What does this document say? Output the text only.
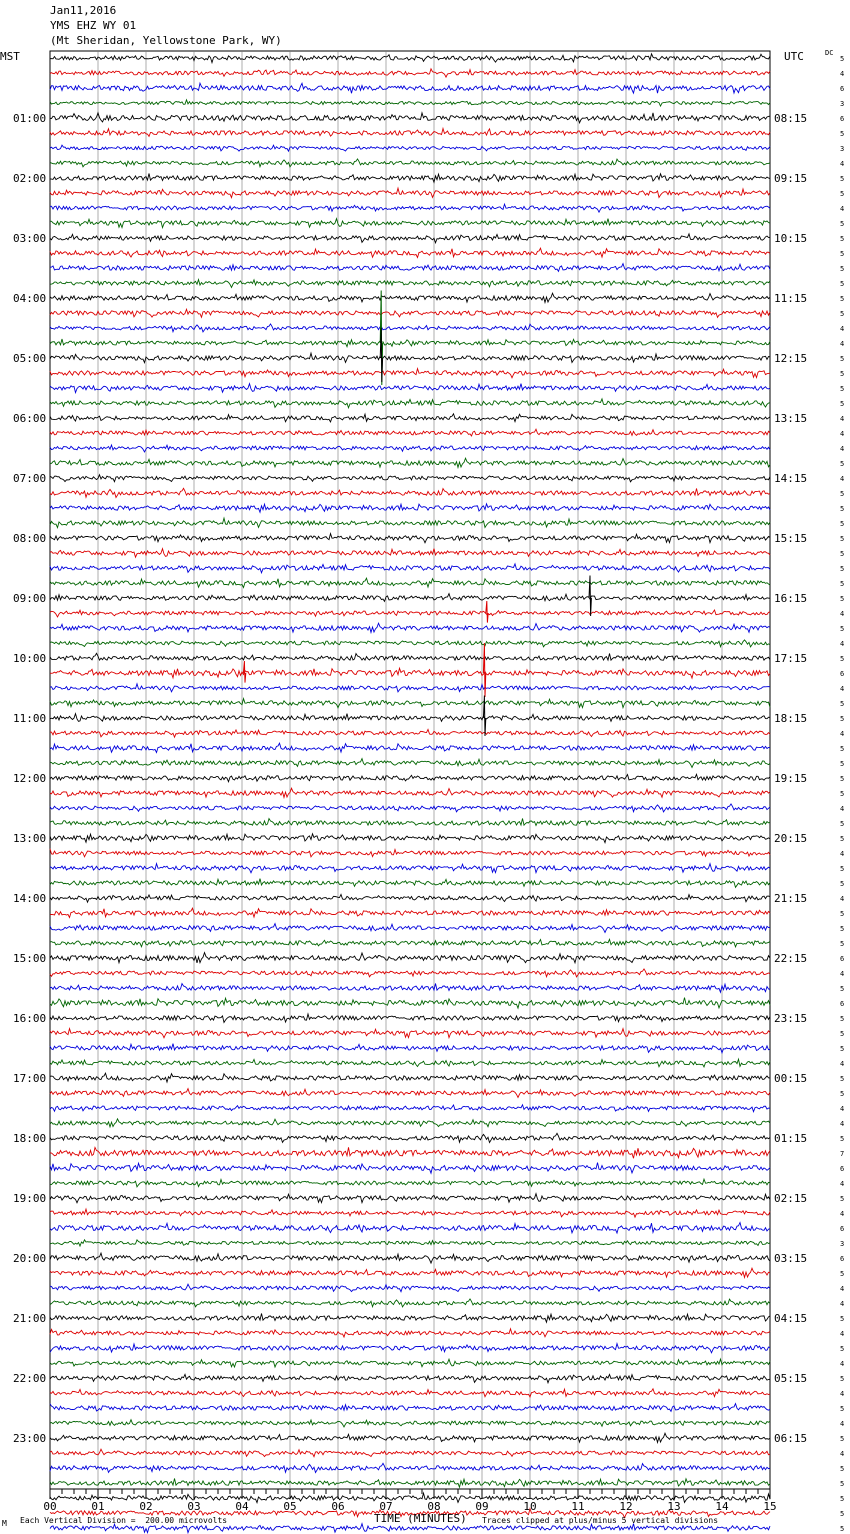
Jan11,2016
YMS EHZ WY 01
(Mt Sheridan, Yellowstone Park, WY)
MST	UTC	DC
5
4
6
3
6
5
3
4
5
5
4
5
5
5
5
5
5
5
4
4
5
5
5
5
4
4
4
5
4
5
5
5
5
5
5
5
5
4
5
4
5
6
4
5
5
4
5
5
5
5
4
5
5
4
5
5
4
5
5
5
6
4
5
6
5
5
5
4
5
5
4
4
5
7
6
4
5
4
6
3
6
5
4
4
5
4
5
4
5
4
5
4
5
4
5
5
5
5
5
01:00
02:00
03:00
04:00
05:00
06:00
07:00
08:00
09:00
10:00
11:00
12:00
13:00
14:00
15:00
16:00
17:00
18:00
19:00
20:00
21:00
22:00
23:00
08:15
09:15
10:15
11:15
12:15
13:15
14:15
15:15
16:15
17:15
18:15
19:15
20:15
21:15
22:15
23:15
00:15
01:15
02:15
03:15
04:15
05:15
06:15
00	01	02	03	04	05	06	07	08	09	10	11	12	13	14	15
M Each Vertical Division =  200.00 microvolts	TIME (MINUTES) Traces clipped at plus/minus 5 vertical divisions
